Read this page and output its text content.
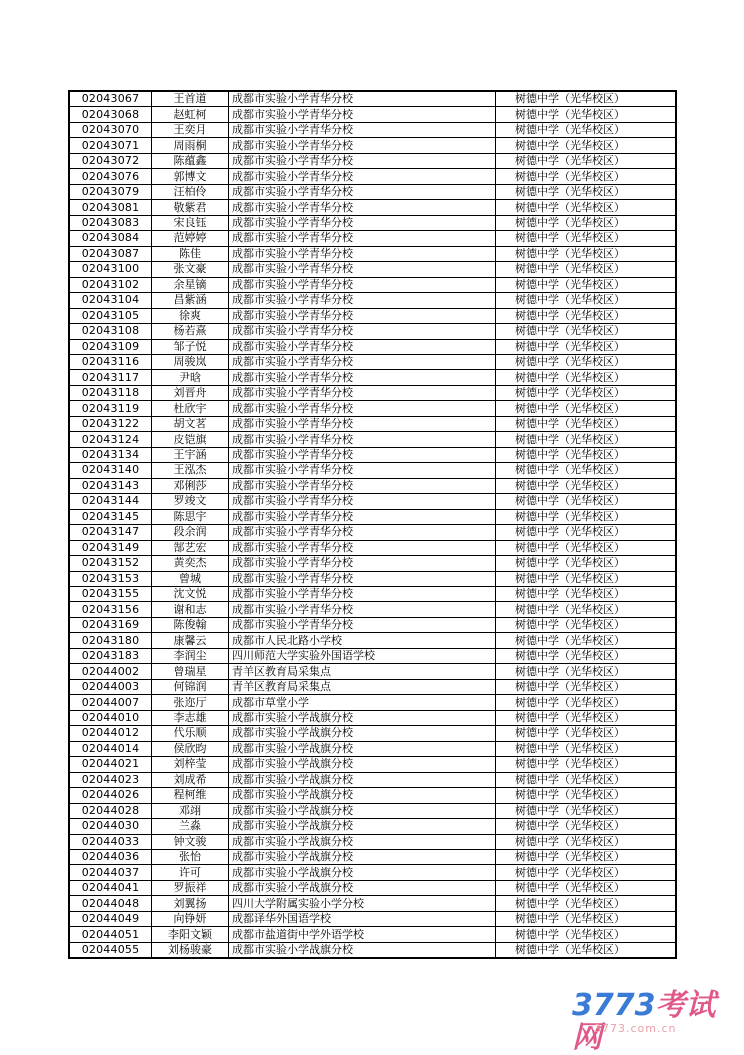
02043067	王首道	成都市实验小学青华分校	树德中学（光华校区）
02043068	赵虹柯	成都市实验小学青华分校	树德中学（光华校区）
02043070	王奕月	成都市实验小学青华分校	树德中学（光华校区）
02043071	周雨桐	成都市实验小学青华分校	树德中学（光华校区）
02043072	陈蕴鑫	成都市实验小学青华分校	树德中学（光华校区）
02043076	郭博文	成都市实验小学青华分校	树德中学（光华校区）
02043079	汪柏伶	成都市实验小学青华分校	树德中学（光华校区）
02043081	敬紫君	成都市实验小学青华分校	树德中学（光华校区）
02043083	宋良钰	成都市实验小学青华分校	树德中学（光华校区）
02043084	范婷婷	成都市实验小学青华分校	树德中学（光华校区）
02043087	陈佳	成都市实验小学青华分校	树德中学（光华校区）
02043100	张文豪	成都市实验小学青华分校	树德中学（光华校区）
02043102	余星镝	成都市实验小学青华分校	树德中学（光华校区）
02043104	昌紫涵	成都市实验小学青华分校	树德中学（光华校区）
02043105	徐爽	成都市实验小学青华分校	树德中学（光华校区）
02043108	杨若熹	成都市实验小学青华分校	树德中学（光华校区）
02043109	邹子悦	成都市实验小学青华分校	树德中学（光华校区）
02043116	周骏岚	成都市实验小学青华分校	树德中学（光华校区）
02043117	尹晗	成都市实验小学青华分校	树德中学（光华校区）
02043118	刘晋舟	成都市实验小学青华分校	树德中学（光华校区）
02043119	杜欣宇	成都市实验小学青华分校	树德中学（光华校区）
02043122	胡文茗	成都市实验小学青华分校	树德中学（光华校区）
02043124	皮铠旗	成都市实验小学青华分校	树德中学（光华校区）
02043134	王宇涵	成都市实验小学青华分校	树德中学（光华校区）
02043140	王泓杰	成都市实验小学青华分校	树德中学（光华校区）
02043143	邓俐莎	成都市实验小学青华分校	树德中学（光华校区）
02043144	罗竣文	成都市实验小学青华分校	树德中学（光华校区）
02043145	陈思宇	成都市实验小学青华分校	树德中学（光华校区）
02043147	段余润	成都市实验小学青华分校	树德中学（光华校区）
02043149	郜艺宏	成都市实验小学青华分校	树德中学（光华校区）
02043152	黄奕杰	成都市实验小学青华分校	树德中学（光华校区）
02043153	曾城	成都市实验小学青华分校	树德中学（光华校区）
02043155	沈文悦	成都市实验小学青华分校	树德中学（光华校区）
02043156	谢和志	成都市实验小学青华分校	树德中学（光华校区）
02043169	陈俊翰	成都市实验小学青华分校	树德中学（光华校区）
02043180	康馨云	成都市人民北路小学校	树德中学（光华校区）
02043183	李润尘	四川师范大学实验外国语学校	树德中学（光华校区）
02044002	曾瑞星	青羊区教育局采集点	树德中学（光华校区）
02044003	何锦润	青羊区教育局采集点	树德中学（光华校区）
02044007	张迩厅	成都市草堂小学	树德中学（光华校区）
02044010	李志雄	成都市实验小学战旗分校	树德中学（光华校区）
02044012	代乐顺	成都市实验小学战旗分校	树德中学（光华校区）
02044014	侯欣昀	成都市实验小学战旗分校	树德中学（光华校区）
02044021	刘梓莹	成都市实验小学战旗分校	树德中学（光华校区）
02044023	刘成希	成都市实验小学战旗分校	树德中学（光华校区）
02044026	程柯维	成都市实验小学战旗分校	树德中学（光华校区）
02044028	邓翊	成都市实验小学战旗分校	树德中学（光华校区）
02044030	兰淼	成都市实验小学战旗分校	树德中学（光华校区）
02044033	钟文骏	成都市实验小学战旗分校	树德中学（光华校区）
02044036	张怡	成都市实验小学战旗分校	树德中学（光华校区）
02044037	许可	成都市实验小学战旗分校	树德中学（光华校区）
02044041	罗振祥	成都市实验小学战旗分校	树德中学（光华校区）
02044048	刘翼扬	四川大学附属实验小学分校	树德中学（光华校区）
02044049	向铮妍	成都译华外国语学校	树德中学（光华校区）
02044051	李阳文颖	成都市盐道街中学外语学校	树德中学（光华校区）
02044055	刘杨骏豪	成都市实验小学战旗分校	树德中学（光华校区）
3773考试网
3773.com.cn
